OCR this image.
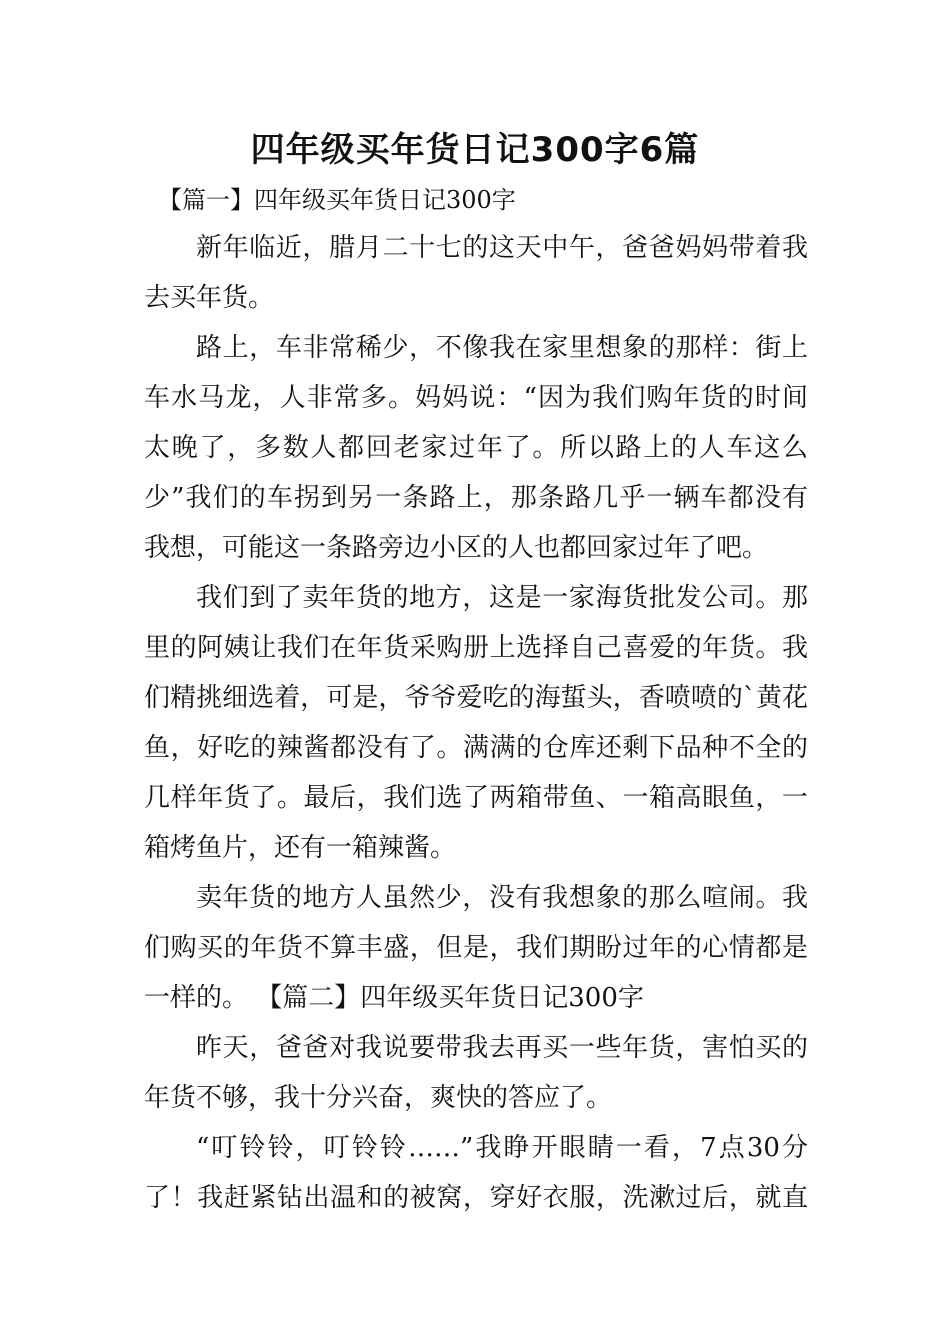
四年级买年货日记300字6篇
【篇一】四年级买年货日记300字
新年临近，腊月二十七的这天中午，爸爸妈妈带着我
去买年货。
路上，车非常稀少，不像我在家里想象的那样：街上
车水马龙，人非常多。妈妈说：“因为我们购年货的时间
太晚了，多数人都回老家过年了。所以路上的人车这么
少”我们的车拐到另一条路上，那条路几乎一辆车都没有
我想，可能这一条路旁边小区的人也都回家过年了吧。
我们到了卖年货的地方，这是一家海货批发公司。那
里的阿姨让我们在年货采购册上选择自己喜爱的年货。我
们精挑细选着，可是，爷爷爱吃的海蜇头，香喷喷的`黄花
鱼，好吃的辣酱都没有了。满满的仓库还剩下品种不全的
几样年货了。最后，我们选了两箱带鱼、一箱高眼鱼，一
箱烤鱼片，还有一箱辣酱。
卖年货的地方人虽然少，没有我想象的那么喧闹。我
们购买的年货不算丰盛，但是，我们期盼过年的心情都是
一样的。 【篇二】四年级买年货日记300字
昨天，爸爸对我说要带我去再买一些年货，害怕买的
年货不够，我十分兴奋，爽快的答应了。
“叮铃铃，叮铃铃……”我睁开眼睛一看，7点30分
了！我赶紧钻出温和的被窝，穿好衣服，洗漱过后，就直
